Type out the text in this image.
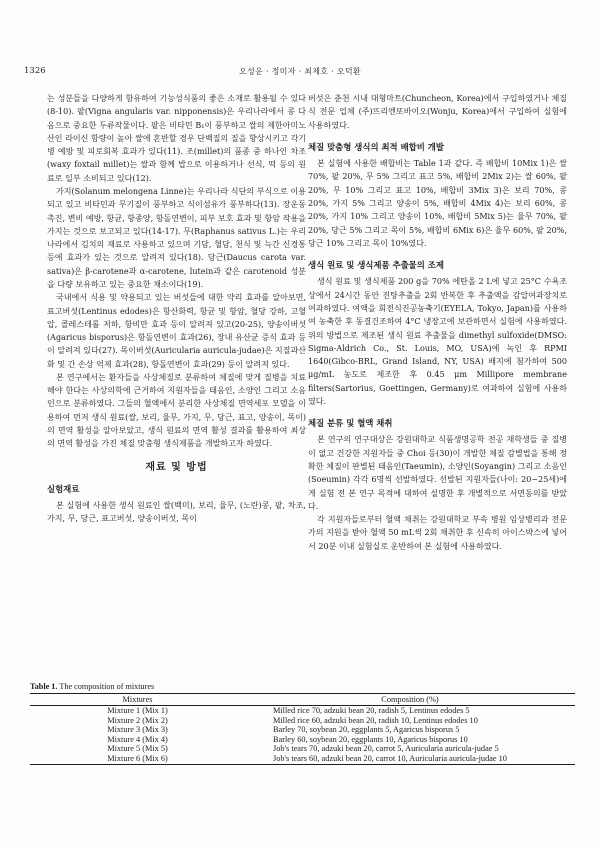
1326	오성운 · 정미자 · 최제호 · 오덕환

는 성분들을 다양하게 함유하여 기능성식품의 좋은 소재로 활용될 수 있다(8-10). 팥(Vigna angularis var. nipponensis)은 우리나라에서 콩 다음으로 중요한 두류작물이다. 팥은 비타민 B₁이 풍부하고 쌀의 제한아미노산인 라이신 함량이 높아 쌀에 혼반할 경우 단백질의 질을 향상시키고 각기병 예방 및 피로회복 효과가 있다(11). 조(millet)의 품종 중 하나인 차조(waxy foxtail millet)는 쌀과 함께 밥으로 이용하거나 선식, 떡 등의 원료로 일부 소비되고 있다(12).

가지(Solanum melongena Linne)는 우리나라 식단의 부식으로 이용되고 있고 비타민과 무기질이 풍부하고 식이섬유가 풍부하다(13). 장운동 촉진, 변비 예방, 항균, 항종양, 항돌연변이, 피부 보호 효과 및 항암 작용을 가지는 것으로 보고되고 있다(14-17). 무(Raphanus sativus L.)는 우리나라에서 김치의 재료로 사용하고 있으며 기담, 혈담, 천식 및 늑간 신경통 등에 효과가 있는 것으로 알려져 있다(18). 당근(Daucus carota var. sativa)은 β-carotene과 α-carotene, lutein과 같은 carotenoid 성분을 다량 보유하고 있는 중요한 채소이다(19).

국내에서 식용 및 약용되고 있는 버섯들에 대한 약리 효과를 알아보면, 표고버섯(Lentinus edodes)은 항산화력, 항균 및 항암, 혈당 강하, 고혈압, 콜레스테롤 저하, 항비만 효과 등이 알려져 있고(20-25), 양송이버섯(Agaricus bisporus)은 항돌연변이 효과(26), 장내 유산균 증식 효과 등이 알려져 있다(27). 목이버섯(Auricularia auricula-judae)은 지질과산화 및 간 손상 억제 효과(28), 항돌연변이 효과(29) 등이 알려져 있다.

본 연구에서는 환자들을 사상체질로 분류하여 체질에 맞게 질병을 치료해야 한다는 사상의학에 근거하여 지원자들을 태음인, 소양인 그리고 소음인으로 분류하였다. 그들의 혈액에서 분리한 사상체질 면역세포 모델을 이용하여 먼저 생식 원료(쌀, 보리, 율무, 가지, 무, 당근, 표고, 양송이, 목이)의 면역 활성을 알아보았고, 생식 원료의 면역 활성 결과를 활용하여 최상의 면역 활성을 가진 체질 맞춤형 생식제품을 개발하고자 하였다.

재료 및 방법
실험재료

본 실험에 사용한 생식 원료인 쌀(백미), 보리, 율무, (노란)콩, 팥, 차조, 가지, 무, 당근, 표고버섯, 양송이버섯, 목이

버섯은 춘천 시내 대형마트(Chuncheon, Korea)에서 구입하였거나 체질식 전문 업체 (주)뜨리엔또바이오(Wonju, Korea)에서 구입하여 실험에 사용하였다.

체질 맞춤형 생식의 최적 배합비 개발

본 실험에 사용한 배합비는 Table 1과 같다. 즉 배합비 10Mix 1)은 쌀 70%, 팥 20%, 무 5% 그리고 표고 5%, 배합비 2Mix 2)는 쌀 60%, 팥 20%, 무 10% 그리고 표고 10%, 배합비 3Mix 3)은 보리 70%, 콩 20%, 가지 5% 그리고 양송이 5%, 배합비 4Mix 4)는 보리 60%, 콩 20%, 가지 10% 그리고 양송이 10%, 배합비 5Mix 5)는 율무 70%, 팥 20%, 당근 5% 그리고 목이 5%, 배합비 6Mix 6)은 율무 60%, 팥 20%, 당근 10% 그리고 목이 10%였다.

생식 원료 및 생식제품 추출물의 조제

생식 원료 및 생식제품 200 g을 70% 에탄올 2 L에 넣고 25°C 수욕조상에서 24시간 동안 진탕추출을 2회 반복한 후 추출액을 감압여과장치로 여과하였다. 여액을 회전식진공농축기(EYELA, Tokyo, Japan)를 사용하여 농축한 후 동결건조하여 4°C 냉장고에 보관하면서 실험에 사용하였다. 위의 방법으로 제조된 생식 원료 추출물을 dimethyl sulfoxide(DMSO: Sigma-Aldrich Co., St. Louis, MO, USA)에 녹인 후 RPMI 1640(Gibco-BRL, Grand Island, NY, USA) 배지에 첨가하여 500 μg/mL 농도로 제조한 후 0.45 μm Millipore membrane filters(Sartorius, Goettingen, Germany)로 여과하여 실험에 사용하였다.

체질 분류 및 혈액 채취

본 연구의 연구대상은 강원대학교 식품생명공학 전공 재학생들 중 질병이 없고 건강한 지원자들 중 Choi 등(30)이 개발한 체질 감별법을 통해 정확한 체질이 판별된 태음인(Taeumin), 소양인(Soyangin) 그리고 소음인(Soeumin) 각각 6명씩 선발하였다. 선발된 지원자들(나이: 20~25세)에게 실험 전 본 연구 목적에 대하여 설명한 후 개별적으로 서면동의를 받았다.

각 지원자들로부터 혈액 채취는 강원대학교 부속 병원 임상병리과 전문가의 지원을 받아 혈액 50 mL씩 2회 채취한 후 신속히 아이스박스에 넣어서 20분 이내 실험실로 운반하여 본 실험에 사용하였다.

Table 1. The composition of mixtures
Mixtures	Composition (%)
Mixture 1 (Mix 1)	Milled rice 70, adzuki bean 20, radish 5, Lentinus edodes 5
Mixture 2 (Mix 2)	Milled rice 60, adzuki bean 20, radish 10, Lentinus edodes 10
Mixture 3 (Mix 3)	Barley 70, soybean 20, eggplants 5, Agaricus bisporus 5
Mixture 4 (Mix 4)	Barley 60, soybean 20, eggplants 10, Agaricus bisporus 10
Mixture 5 (Mix 5)	Job's tears 70, adzuki bean 20, carrot 5, Auricularia auricula-judae 5
Mixture 6 (Mix 6)	Job's tears 60, adzuki bean 20, carrot 10, Auricularia auricula-judae 10
